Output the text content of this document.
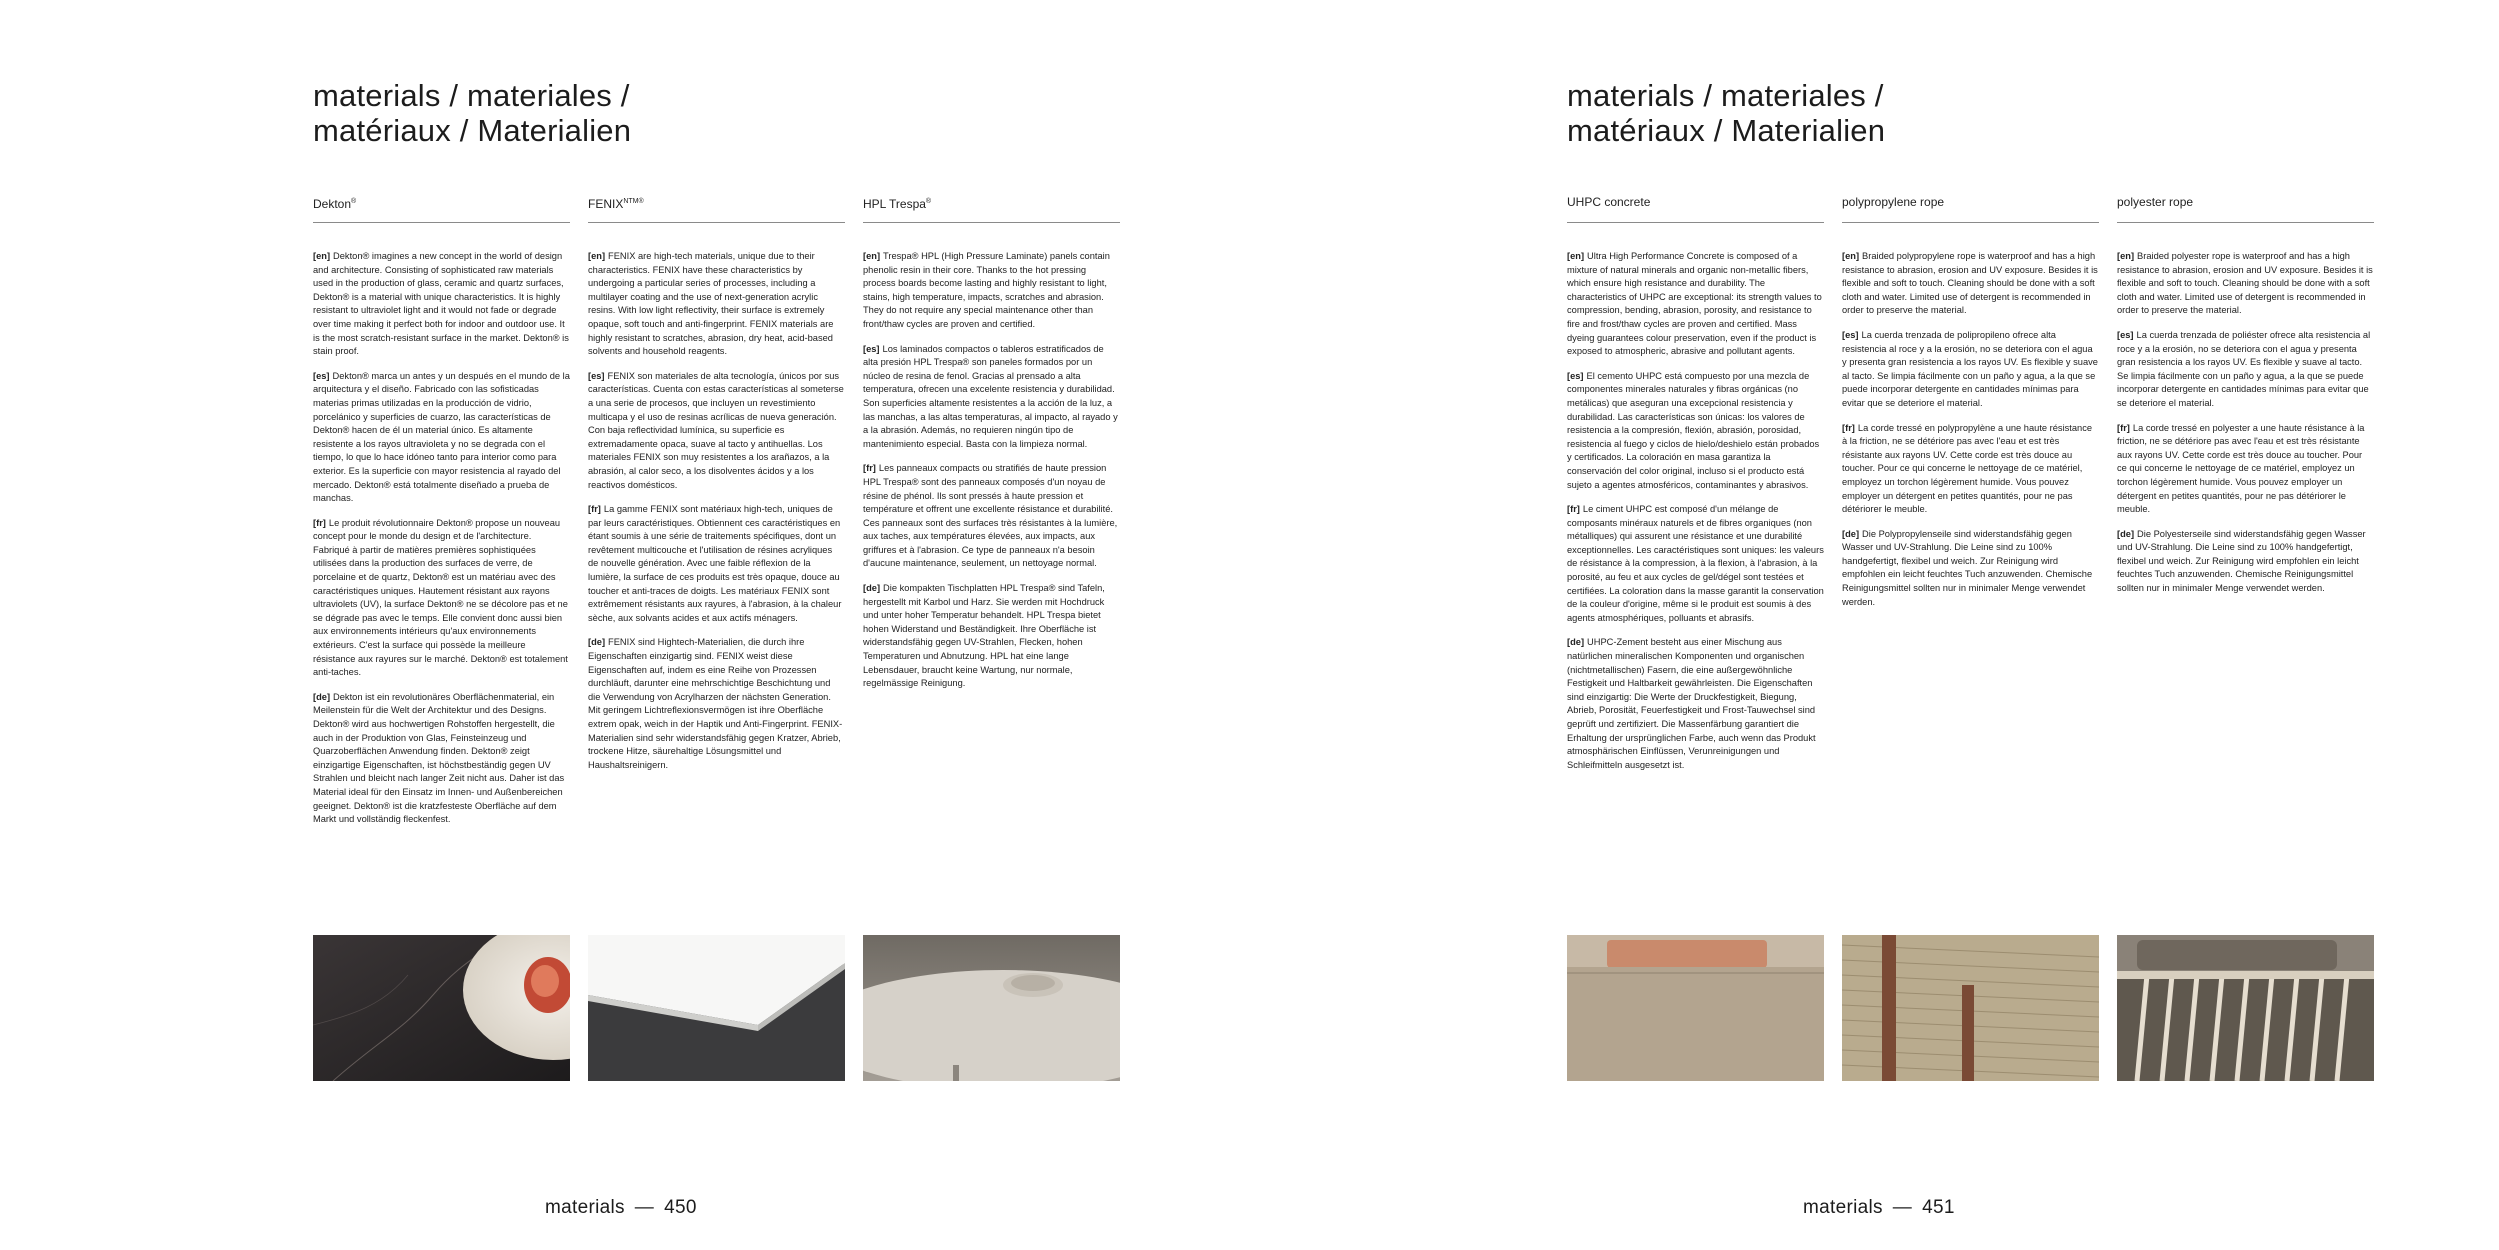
materials / materiales /
matériaux / Materialien
Dekton®

[en] Dekton® imagines a new concept in the world of design and architecture. Consisting of sophisticated raw materials used in the production of glass, ceramic and quartz surfaces, Dekton® is a material with unique characteristics. It is highly resistant to ultraviolet light and it would not fade or degrade over time making it perfect both for indoor and outdoor use. It is the most scratch-resistant surface in the market. Dekton® is stain proof.

[es] Dekton® marca un antes y un después en el mundo de la arquitectura y el diseño. Fabricado con las sofisticadas materias primas utilizadas en la producción de vidrio, porcelánico y superficies de cuarzo, las características de Dekton® hacen de él un material único. Es altamente resistente a los rayos ultravioleta y no se degrada con el tiempo, lo que lo hace idóneo tanto para interior como para exterior. Es la superficie con mayor resistencia al rayado del mercado. Dekton® está totalmente diseñado a prueba de manchas.

[fr] Le produit révolutionnaire Dekton® propose un nouveau concept pour le monde du design et de l'architecture. Fabriqué à partir de matières premières sophistiquées utilisées dans la production des surfaces de verre, de porcelaine et de quartz, Dekton® est un matériau avec des caractéristiques uniques. Hautement résistant aux rayons ultraviolets (UV), la surface Dekton® ne se décolore pas et ne se dégrade pas avec le temps. Elle convient donc aussi bien aux environnements intérieurs qu'aux environnements extérieurs. C'est la surface qui possède la meilleure résistance aux rayures sur le marché. Dekton® est totalement anti-taches.

[de] Dekton ist ein revolutionäres Oberflächenmaterial, ein Meilenstein für die Welt der Architektur und des Designs. Dekton® wird aus hochwertigen Rohstoffen hergestellt, die auch in der Produktion von Glas, Feinsteinzeug und Quarzoberflächen Anwendung finden. Dekton® zeigt einzigartige Eigenschaften, ist höchstbeständig gegen UV Strahlen und bleicht nach langer Zeit nicht aus. Daher ist das Material ideal für den Einsatz im Innen- und Außenbereichen geeignet. Dekton® ist die kratzfesteste Oberfläche auf dem Markt und vollständig fleckenfest.

$FENIX^{NTM®}$

[en] FENIX are high-tech materials, unique due to their characteristics. FENIX have these characteristics by undergoing a particular series of processes, including a multilayer coating and the use of next-generation acrylic resins. With low light reflectivity, their surface is extremely opaque, soft touch and anti-fingerprint. FENIX materials are highly resistant to scratches, abrasion, dry heat, acid-based solvents and household reagents.

[es] FENIX son materiales de alta tecnología, únicos por sus características. Cuenta con estas características al someterse a una serie de procesos, que incluyen un revestimiento multicapa y el uso de resinas acrílicas de nueva generación. Con baja reflectividad lumínica, su superficie es extremadamente opaca, suave al tacto y antihuellas. Los materiales FENIX son muy resistentes a los arañazos, a la abrasión, al calor seco, a los disolventes ácidos y a los reactivos domésticos.

[fr] La gamme FENIX sont matériaux high-tech, uniques de par leurs caractéristiques. Obtiennent ces caractéristiques en étant soumis à une série de traitements spécifiques, dont un revêtement multicouche et l'utilisation de résines acryliques de nouvelle génération. Avec une faible réflexion de la lumière, la surface de ces produits est très opaque, douce au toucher et anti-traces de doigts. Les matériaux FENIX sont extrêmement résistants aux rayures, à l'abrasion, à la chaleur sèche, aux solvants acides et aux actifs ménagers.

[de] FENIX sind Hightech-Materialien, die durch ihre Eigenschaften einzigartig sind. FENIX weist diese Eigenschaften auf, indem es eine Reihe von Prozessen durchläuft, darunter eine mehrschichtige Beschichtung und die Verwendung von Acrylharzen der nächsten Generation. Mit geringem Lichtreflexionsvermögen ist ihre Oberfläche extrem opak, weich in der Haptik und Anti-Fingerprint. FENIX-Materialien sind sehr widerstandsfähig gegen Kratzer, Abrieb, trockene Hitze, säurehaltige Lösungsmittel und Haushaltsreinigern.

HPL Trespa®

[en] Trespa® HPL (High Pressure Laminate) panels contain phenolic resin in their core. Thanks to the hot pressing process boards become lasting and highly resistant to light, stains, high temperature, impacts, scratches and abrasion. They do not require any special maintenance other than front/thaw cycles are proven and certified.

[es] Los laminados compactos o tableros estratificados de alta presión HPL Trespa® son paneles formados por un núcleo de resina de fenol. Gracias al prensado a alta temperatura, ofrecen una excelente resistencia y durabilidad. Son superficies altamente resistentes a la acción de la luz, a las manchas, a las altas temperaturas, al impacto, al rayado y a la abrasión. Además, no requieren ningún tipo de mantenimiento especial. Basta con la limpieza normal.

[fr] Les panneaux compacts ou stratifiés de haute pression HPL Trespa® sont des panneaux composés d'un noyau de résine de phénol. Ils sont pressés à haute pression et température et offrent une excellente résistance et durabilité. Ces panneaux sont des surfaces très résistantes à la lumière, aux taches, aux températures élevées, aux impacts, aux griffures et à l'abrasion. Ce type de panneaux n'a besoin d'aucune maintenance, seulement, un nettoyage normal.

[de] Die kompakten Tischplatten HPL Trespa® sind Tafeln, hergestellt mit Karbol und Harz. Sie werden mit Hochdruck und unter hoher Temperatur behandelt. HPL Trespa bietet hohen Widerstand und Beständigkeit. Ihre Oberfläche ist widerstandsfähig gegen UV-Strahlen, Flecken, hohen Temperaturen und Abnutzung. HPL hat eine lange Lebensdauer, braucht keine Wartung, nur normale, regelmässige Reinigung.

materials — 450
materials / materiales /
matériaux / Materialien
UHPC concrete

[en] Ultra High Performance Concrete is composed of a mixture of natural minerals and organic non-metallic fibers, which ensure high resistance and durability. The characteristics of UHPC are exceptional: its strength values to compression, bending, abrasion, porosity, and resistance to fire and frost/thaw cycles are proven and certified. Mass dyeing guarantees colour preservation, even if the product is exposed to atmospheric, abrasive and pollutant agents.

[es] El cemento UHPC está compuesto por una mezcla de componentes minerales naturales y fibras orgánicas (no metálicas) que aseguran una excepcional resistencia y durabilidad. Las características son únicas: los valores de resistencia a la compresión, flexión, abrasión, porosidad, resistencia al fuego y ciclos de hielo/deshielo están probados y certificados. La coloración en masa garantiza la conservación del color original, incluso si el producto está sujeto a agentes atmosféricos, contaminantes y abrasivos.

[fr] Le ciment UHPC est composé d'un mélange de composants minéraux naturels et de fibres organiques (non métalliques) qui assurent une résistance et une durabilité exceptionnelles. Les caractéristiques sont uniques: les valeurs de résistance à la compression, à la flexion, à l'abrasion, à la porosité, au feu et aux cycles de gel/dégel sont testées et certifiées. La coloration dans la masse garantit la conservation de la couleur d'origine, même si le produit est soumis à des agents atmosphériques, polluants et abrasifs.

[de] UHPC-Zement besteht aus einer Mischung aus natürlichen mineralischen Komponenten und organischen (nichtmetallischen) Fasern, die eine außergewöhnliche Festigkeit und Haltbarkeit gewährleisten. Die Eigenschaften sind einzigartig: Die Werte der Druckfestigkeit, Biegung, Abrieb, Porosität, Feuerfestigkeit und Frost-Tauwechsel sind geprüft und zertifiziert. Die Massenfärbung garantiert die Erhaltung der ursprünglichen Farbe, auch wenn das Produkt atmosphärischen Einflüssen, Verunreinigungen und Schleifmitteln ausgesetzt ist.

polypropylene rope

[en] Braided polypropylene rope is waterproof and has a high resistance to abrasion, erosion and UV exposure. Besides it is flexible and soft to touch. Cleaning should be done with a soft cloth and water. Limited use of detergent is recommended in order to preserve the material.

[es] La cuerda trenzada de polipropileno ofrece alta resistencia al roce y a la erosión, no se deteriora con el agua y presenta gran resistencia a los rayos UV. Es flexible y suave al tacto. Se limpia fácilmente con un paño y agua, a la que se puede incorporar detergente en cantidades mínimas para evitar que se deteriore el material.

[fr] La corde tressé en polypropylène a une haute résistance à la friction, ne se détériore pas avec l'eau et est très résistante aux rayons UV. Cette corde est très douce au toucher. Pour ce qui concerne le nettoyage de ce matériel, employez un torchon légèrement humide. Vous pouvez employer un détergent en petites quantités, pour ne pas détériorer le meuble.

[de] Die Polypropylenseile sind widerstandsfähig gegen Wasser und UV-Strahlung. Die Leine sind zu 100% handgefertigt, flexibel und weich. Zur Reinigung wird empfohlen ein leicht feuchtes Tuch anzuwenden. Chemische Reinigungsmittel sollten nur in minimaler Menge verwendet werden.

polyester rope

[en] Braided polyester rope is waterproof and has a high resistance to abrasion, erosion and UV exposure. Besides it is flexible and soft to touch. Cleaning should be done with a soft cloth and water. Limited use of detergent is recommended in order to preserve the material.

[es] La cuerda trenzada de poliéster ofrece alta resistencia al roce y a la erosión, no se deteriora con el agua y presenta gran resistencia a los rayos UV. Es flexible y suave al tacto. Se limpia fácilmente con un paño y agua, a la que se puede incorporar detergente en cantidades mínimas para evitar que se deteriore el material.

[fr] La corde tressé en polyester a une haute résistance à la friction, ne se détériore pas avec l'eau et est très résistante aux rayons UV. Cette corde est très douce au toucher. Pour ce qui concerne le nettoyage de ce matériel, employez un torchon légèrement humide. Vous pouvez employer un détergent en petites quantités, pour ne pas détériorer le meuble.

[de] Die Polyesterseile sind widerstandsfähig gegen Wasser und UV-Strahlung. Die Leine sind zu 100% handgefertigt, flexibel und weich. Zur Reinigung wird empfohlen ein leicht feuchtes Tuch anzuwenden. Chemische Reinigungsmittel sollten nur in minimaler Menge verwendet werden.

materials — 451
